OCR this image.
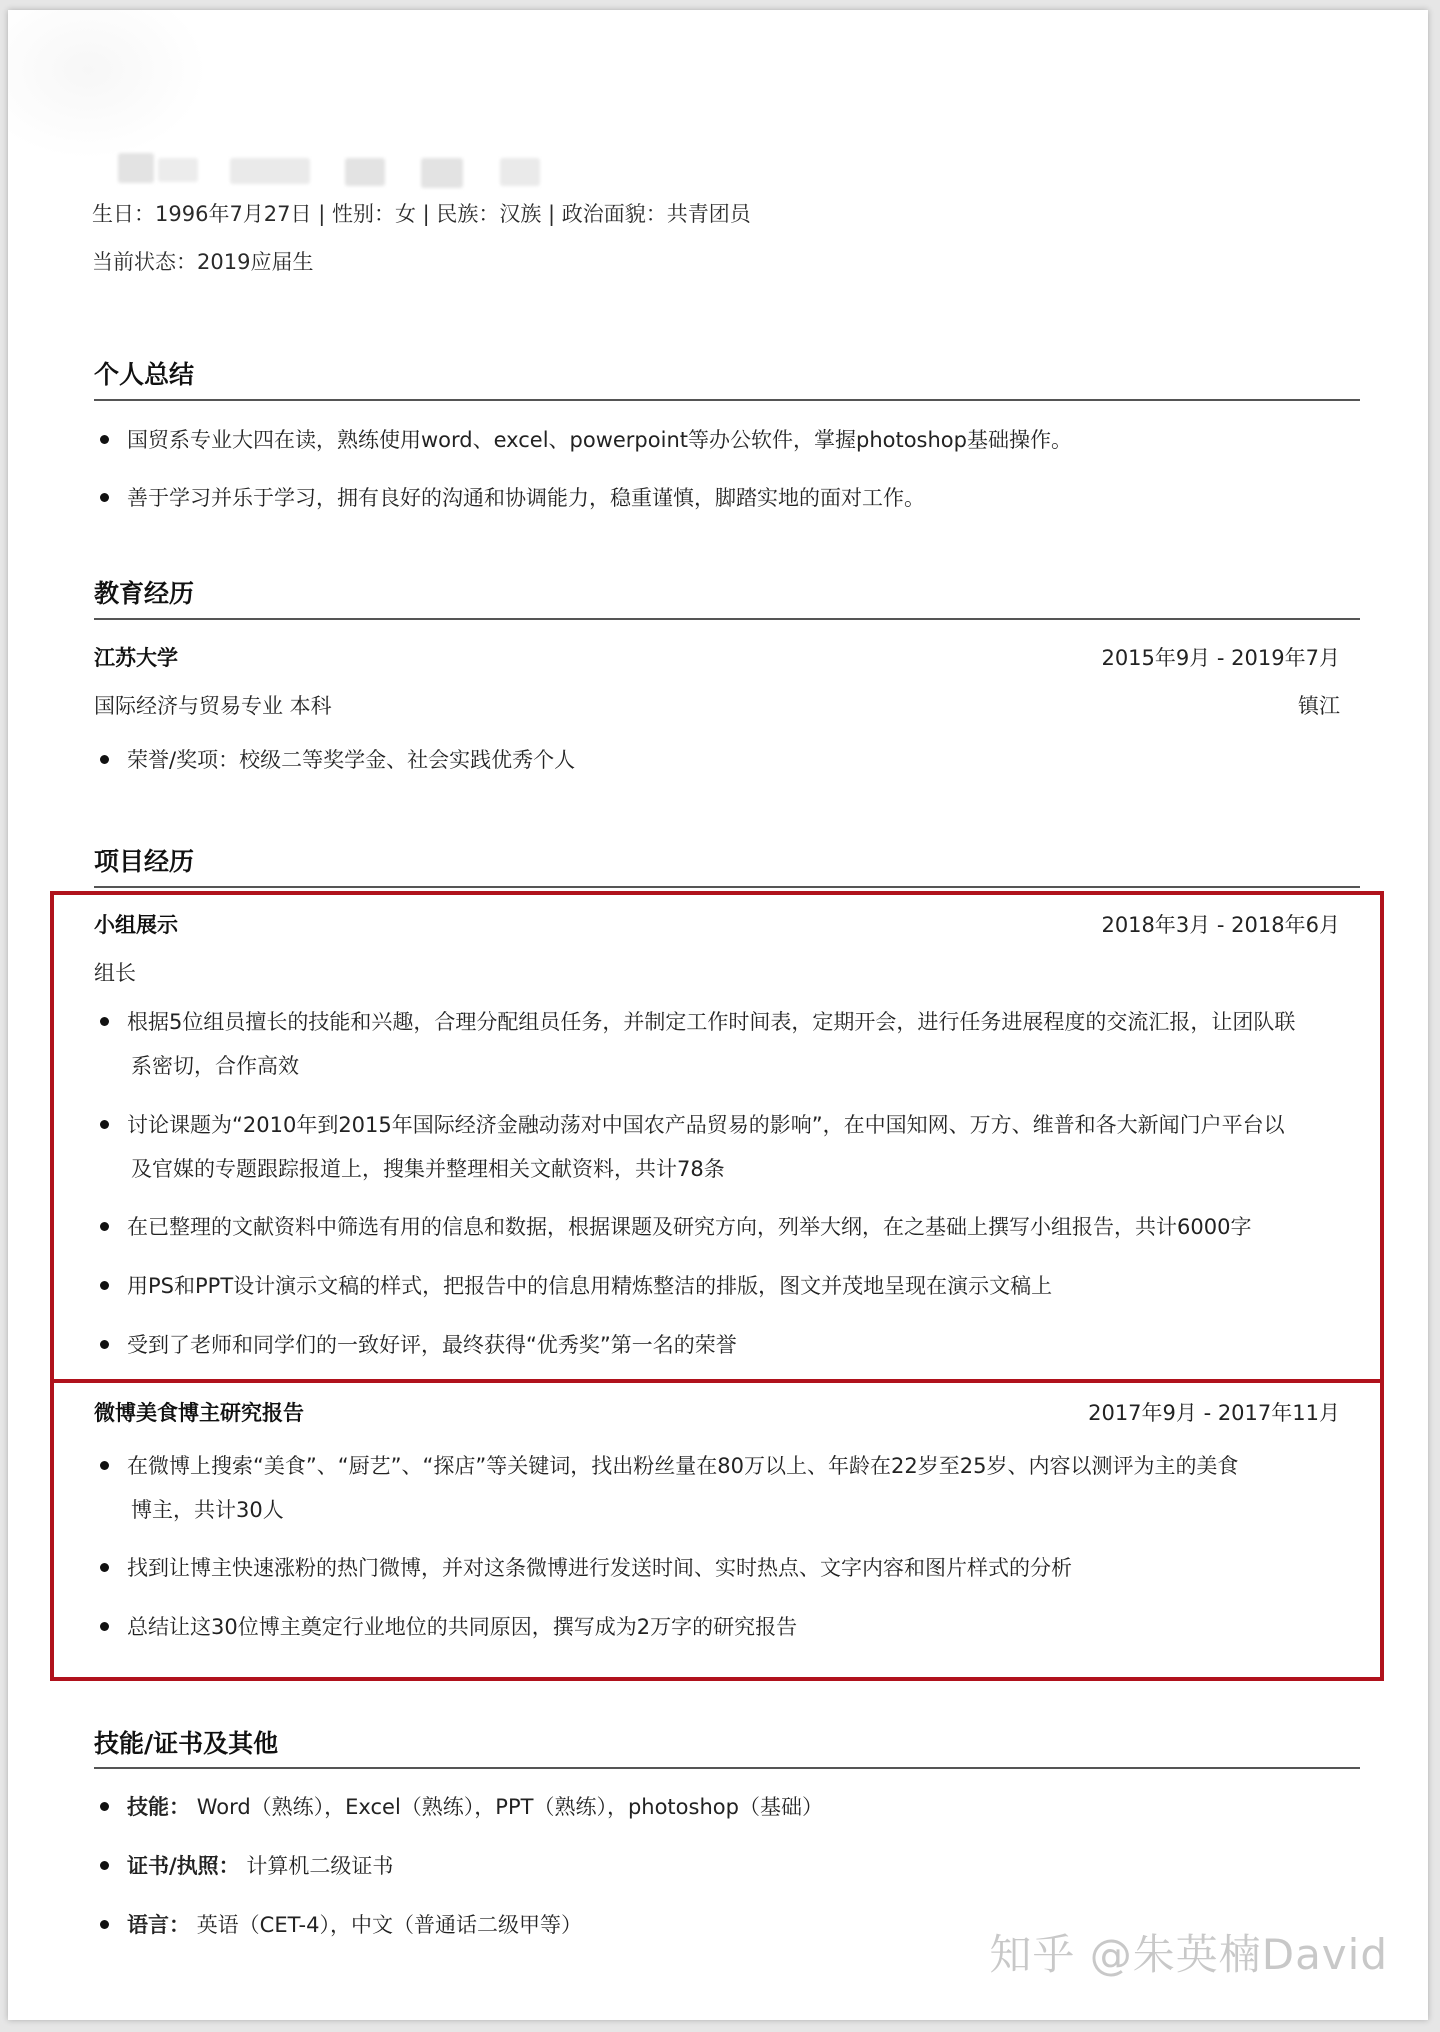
生日：1996年7月27日 | 性别：女 | 民族：汉族 | 政治面貌：共青团员
当前状态：2019应届生
个人总结
国贸系专业大四在读，熟练使用word、excel、powerpoint等办公软件，掌握photoshop基础操作。
善于学习并乐于学习，拥有良好的沟通和协调能力，稳重谨慎，脚踏实地的面对工作。
教育经历
江苏大学	2015年9月 - 2019年7月
国际经济与贸易专业 本科	镇江
荣誉/奖项：校级二等奖学金、社会实践优秀个人
项目经历
小组展示	2018年3月 - 2018年6月
组长
根据5位组员擅长的技能和兴趣，合理分配组员任务，并制定工作时间表，定期开会，进行任务进展程度的交流汇报，让团队联
系密切，合作高效
讨论课题为“2010年到2015年国际经济金融动荡对中国农产品贸易的影响”，在中国知网、万方、维普和各大新闻门户平台以
及官媒的专题跟踪报道上，搜集并整理相关文献资料，共计78条
在已整理的文献资料中筛选有用的信息和数据，根据课题及研究方向，列举大纲，在之基础上撰写小组报告，共计6000字
用PS和PPT设计演示文稿的样式，把报告中的信息用精炼整洁的排版，图文并茂地呈现在演示文稿上
受到了老师和同学们的一致好评，最终获得“优秀奖”第一名的荣誉
微博美食博主研究报告	2017年9月 - 2017年11月
在微博上搜索“美食”、“厨艺”、“探店”等关键词，找出粉丝量在80万以上、年龄在22岁至25岁、内容以测评为主的美食
博主，共计30人
找到让博主快速涨粉的热门微博，并对这条微博进行发送时间、实时热点、文字内容和图片样式的分析
总结让这30位博主奠定行业地位的共同原因，撰写成为2万字的研究报告
技能/证书及其他
技能： Word（熟练），Excel（熟练），PPT（熟练），photoshop（基础）
证书/执照： 计算机二级证书
语言： 英语（CET-4），中文（普通话二级甲等）
知乎 @朱英楠David
